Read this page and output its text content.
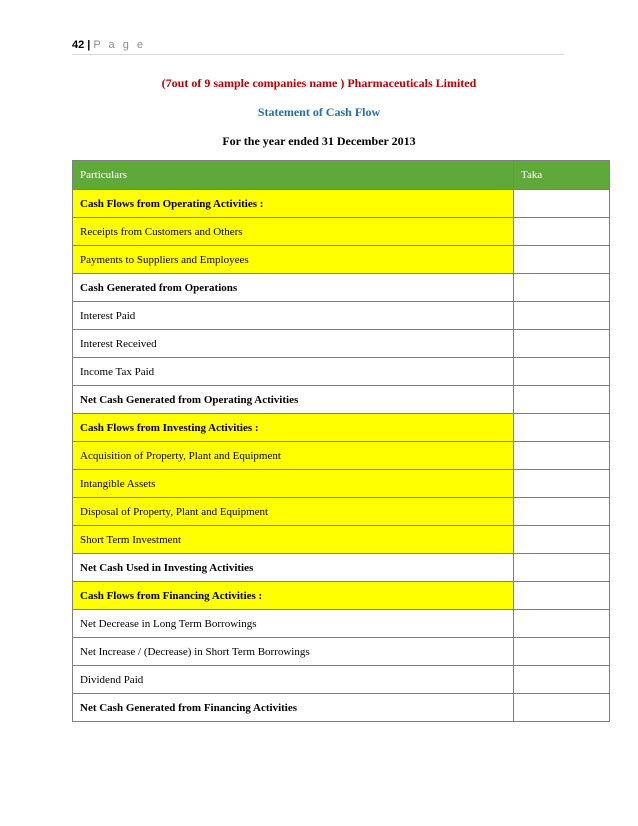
42 | P a g e
(7out of 9 sample companies name ) Pharmaceuticals Limited
Statement of Cash Flow
For the year ended 31 December 2013
Particulars	Taka
Cash Flows from Operating Activities :	
Receipts from Customers and Others	
Payments to Suppliers and Employees	
Cash Generated from Operations	
Interest Paid	
Interest Received	
Income Tax Paid	
Net Cash Generated from Operating Activities	
Cash Flows from Investing Activities :	
Acquisition of Property, Plant and Equipment	
Intangible Assets	
Disposal of Property, Plant and Equipment	
Short Term Investment	
Net Cash Used in Investing Activities	
Cash Flows from Financing Activities :	
Net Decrease in Long Term Borrowings	
Net Increase / (Decrease) in Short Term Borrowings	
Dividend Paid	
Net Cash Generated from Financing Activities	
